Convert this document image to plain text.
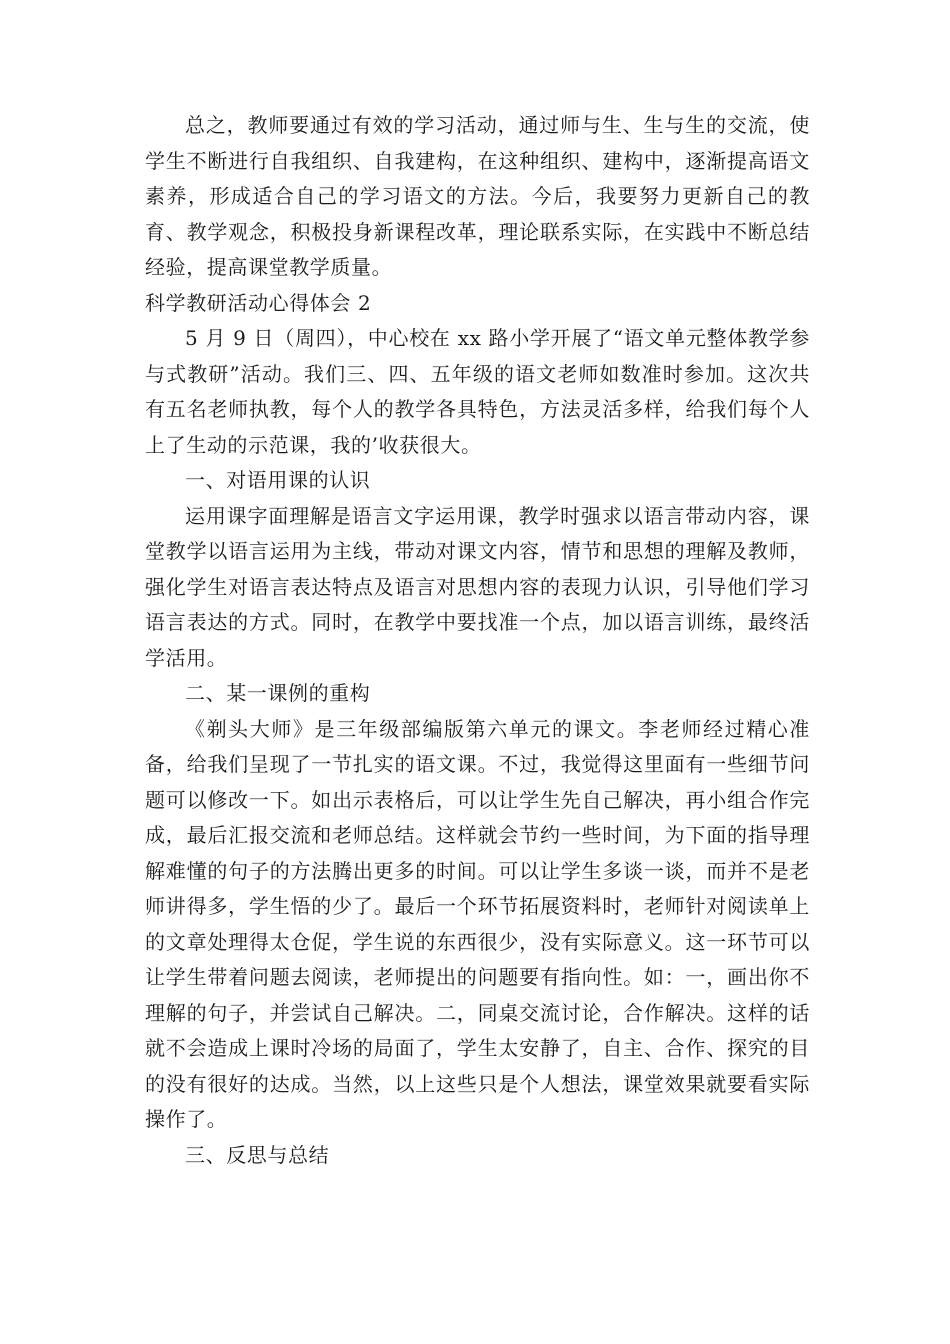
总之，教师要通过有效的学习活动，通过师与生、生与生的交流，使学生不断进行自我组织、自我建构，在这种组织、建构中，逐渐提高语文素养，形成适合自己的学习语文的方法。今后，我要努力更新自己的教育、教学观念，积极投身新课程改革，理论联系实际，在实践中不断总结经验，提高课堂教学质量。

科学教研活动心得体会 2

5 月 9 日（周四），中心校在 xx 路小学开展了“语文单元整体教学参与式教研”活动。我们三、四、五年级的语文老师如数准时参加。这次共有五名老师执教，每个人的教学各具特色，方法灵活多样，给我们每个人上了生动的示范课，我的’收获很大。

一、对语用课的认识

运用课字面理解是语言文字运用课，教学时强求以语言带动内容，课堂教学以语言运用为主线，带动对课文内容，情节和思想的理解及教师，强化学生对语言表达特点及语言对思想内容的表现力认识，引导他们学习语言表达的方式。同时，在教学中要找准一个点，加以语言训练，最终活学活用。

二、某一课例的重构

《剃头大师》是三年级部编版第六单元的课文。李老师经过精心准备，给我们呈现了一节扎实的语文课。不过，我觉得这里面有一些细节问题可以修改一下。如出示表格后，可以让学生先自己解决，再小组合作完成，最后汇报交流和老师总结。这样就会节约一些时间，为下面的指导理解难懂的句子的方法腾出更多的时间。可以让学生多谈一谈，而并不是老师讲得多，学生悟的少了。最后一个环节拓展资料时，老师针对阅读单上的文章处理得太仓促，学生说的东西很少，没有实际意义。这一环节可以让学生带着问题去阅读，老师提出的问题要有指向性。如：一，画出你不理解的句子，并尝试自己解决。二，同桌交流讨论，合作解决。这样的话就不会造成上课时冷场的局面了，学生太安静了，自主、合作、探究的目的没有很好的达成。当然，以上这些只是个人想法，课堂效果就要看实际操作了。

三、反思与总结
